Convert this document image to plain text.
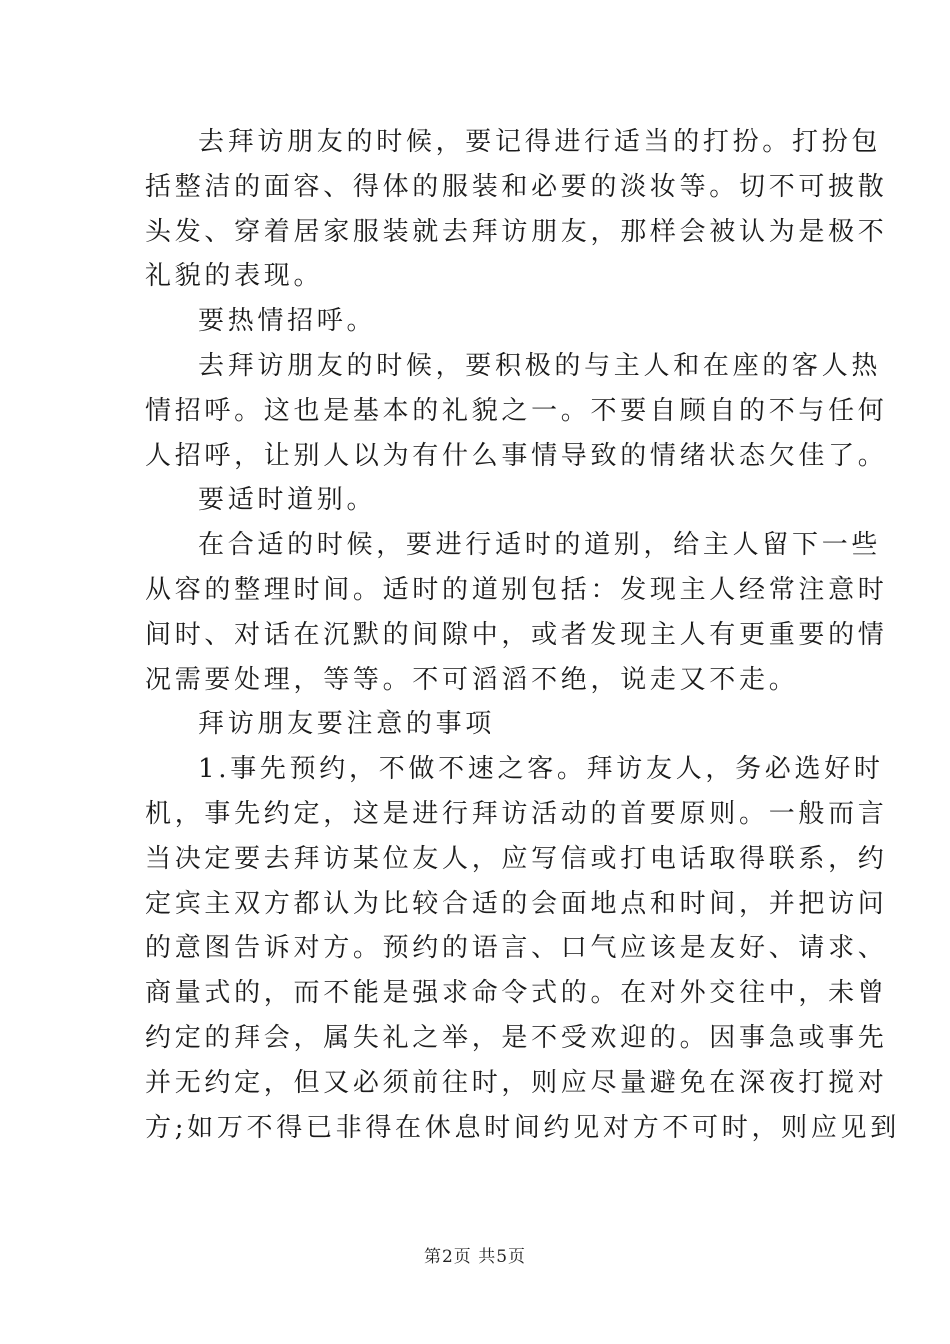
去拜访朋友的时候，要记得进行适当的打扮。打扮包
括整洁的面容、得体的服装和必要的淡妆等。切不可披散
头发、穿着居家服装就去拜访朋友，那样会被认为是极不
礼貌的表现。
要热情招呼。
去拜访朋友的时候，要积极的与主人和在座的客人热
情招呼。这也是基本的礼貌之一。不要自顾自的不与任何
人招呼，让别人以为有什么事情导致的情绪状态欠佳了。
要适时道别。
在合适的时候，要进行适时的道别，给主人留下一些
从容的整理时间。适时的道别包括：发现主人经常注意时
间时、对话在沉默的间隙中，或者发现主人有更重要的情
况需要处理，等等。不可滔滔不绝，说走又不走。
拜访朋友要注意的事项
1.事先预约，不做不速之客。拜访友人，务必选好时
机，事先约定，这是进行拜访活动的首要原则。一般而言
当决定要去拜访某位友人，应写信或打电话取得联系，约
定宾主双方都认为比较合适的会面地点和时间，并把访问
的意图告诉对方。预约的语言、口气应该是友好、请求、
商量式的，而不能是强求命令式的。在对外交往中，未曾
约定的拜会，属失礼之举，是不受欢迎的。因事急或事先
并无约定，但又必须前往时，则应尽量避免在深夜打搅对
方;如万不得已非得在休息时间约见对方不可时，则应见到
第2页 共5页
